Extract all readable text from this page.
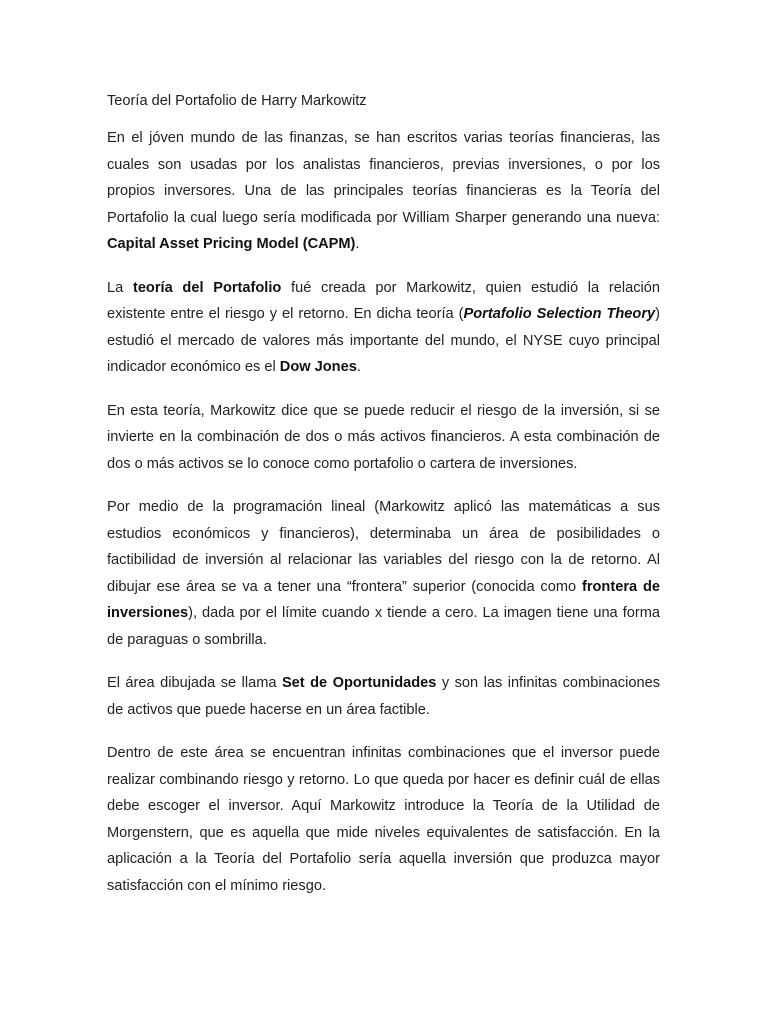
Teoría del Portafolio de Harry Markowitz

En el jóven mundo de las finanzas, se han escritos varias teorías financieras, las cuales son usadas por los analistas financieros, previas inversiones, o por los propios inversores. Una de las principales teorías financieras es la Teoría del Portafolio la cual luego sería modificada por William Sharper generando una nueva: Capital Asset Pricing Model (CAPM).

La teoría del Portafolio fué creada por Markowitz, quien estudió la relación existente entre el riesgo y el retorno. En dicha teoría (Portafolio Selection Theory) estudió el mercado de valores más importante del mundo, el NYSE cuyo principal indicador económico es el Dow Jones.

En esta teoría, Markowitz dice que se puede reducir el riesgo de la inversión, si se invierte en la combinación de dos o más activos financieros. A esta combinación de dos o más activos se lo conoce como portafolio o cartera de inversiones.

Por medio de la programación lineal (Markowitz aplicó las matemáticas a sus estudios económicos y financieros), determinaba un área de posibilidades o factibilidad de inversión al relacionar las variables del riesgo con la de retorno. Al dibujar ese área se va a tener una “frontera” superior (conocida como frontera de inversiones), dada por el límite cuando x tiende a cero. La imagen tiene una forma de paraguas o sombrilla.

El área dibujada se llama Set de Oportunidades y son las infinitas combinaciones de activos que puede hacerse en un área factible.

Dentro de este área se encuentran infinitas combinaciones que el inversor puede realizar combinando riesgo y retorno. Lo que queda por hacer es definir cuál de ellas debe escoger el inversor. Aquí Markowitz introduce la Teoría de la Utilidad de Morgenstern, que es aquella que mide niveles equivalentes de satisfacción. En la aplicación a la Teoría del Portafolio sería aquella inversión que produzca mayor satisfacción con el mínimo riesgo.
